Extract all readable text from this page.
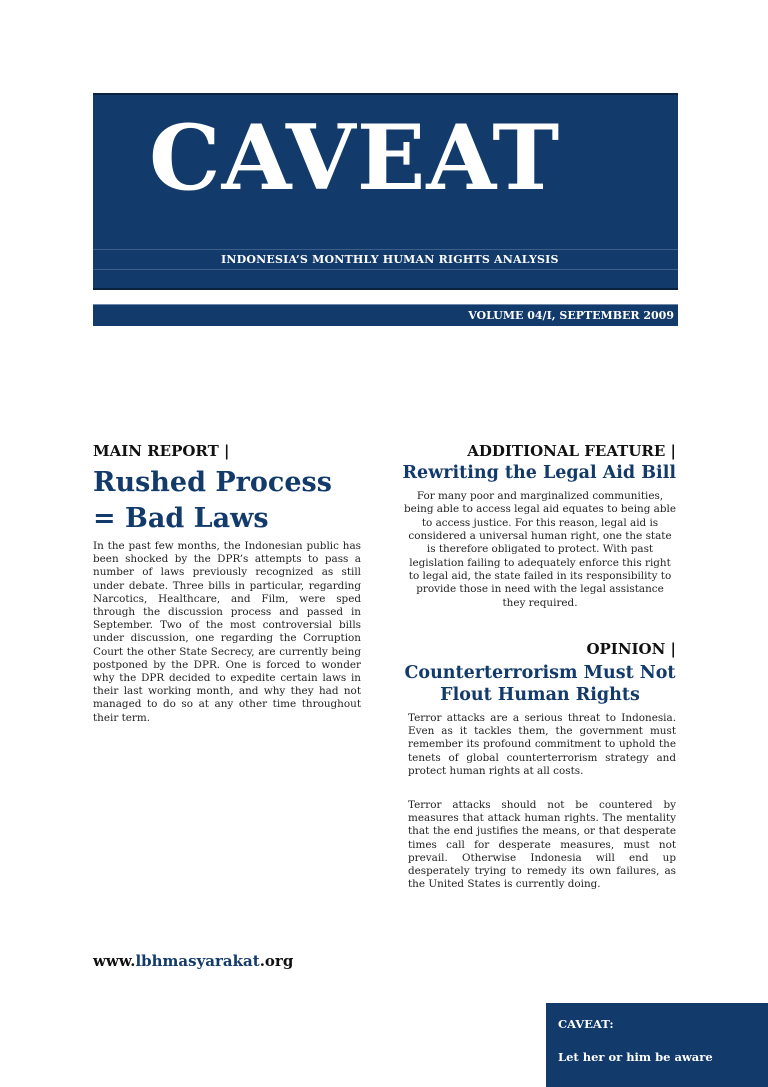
CAVEAT
INDONESIA’S MONTHLY HUMAN RIGHTS ANALYSIS
VOLUME 04/I, SEPTEMBER 2009
MAIN REPORT |
Rushed Process
= Bad Laws

In the past few months, the Indonesian public has been shocked by the DPR’s attempts to pass a number of laws previously recognized as still under debate. Three bills in particular, regarding Narcotics, Healthcare, and Film, were sped through the discussion process and passed in September. Two of the most controversial bills under discussion, one regarding the Corruption Court the other State Secrecy, are currently being postponed by the DPR. One is forced to wonder why the DPR decided to expedite certain laws in their last working month, and why they had not managed to do so at any other time throughout their term.

ADDITIONAL FEATURE |
Rewriting the Legal Aid Bill

For many poor and marginalized communities, being able to access legal aid equates to being able to access justice. For this reason, legal aid is considered a universal human right, one the state is therefore obligated to protect. With past legislation failing to adequately enforce this right to legal aid, the state failed in its responsibility to provide those in need with the legal assistance they required.

OPINION |
Counterterrorism Must Not
Flout Human Rights

Terror attacks are a serious threat to Indonesia. Even as it tackles them, the government must remember its profound commitment to uphold the tenets of global counterterrorism strategy and protect human rights at all costs.

Terror attacks should not be countered by measures that attack human rights. The mentality that the end justifies the means, or that desperate times call for desperate measures, must not prevail. Otherwise Indonesia will end up desperately trying to remedy its own failures, as the United States is currently doing.

www.lbhmasyarakat.org

CAVEAT:

Let her or him be aware
